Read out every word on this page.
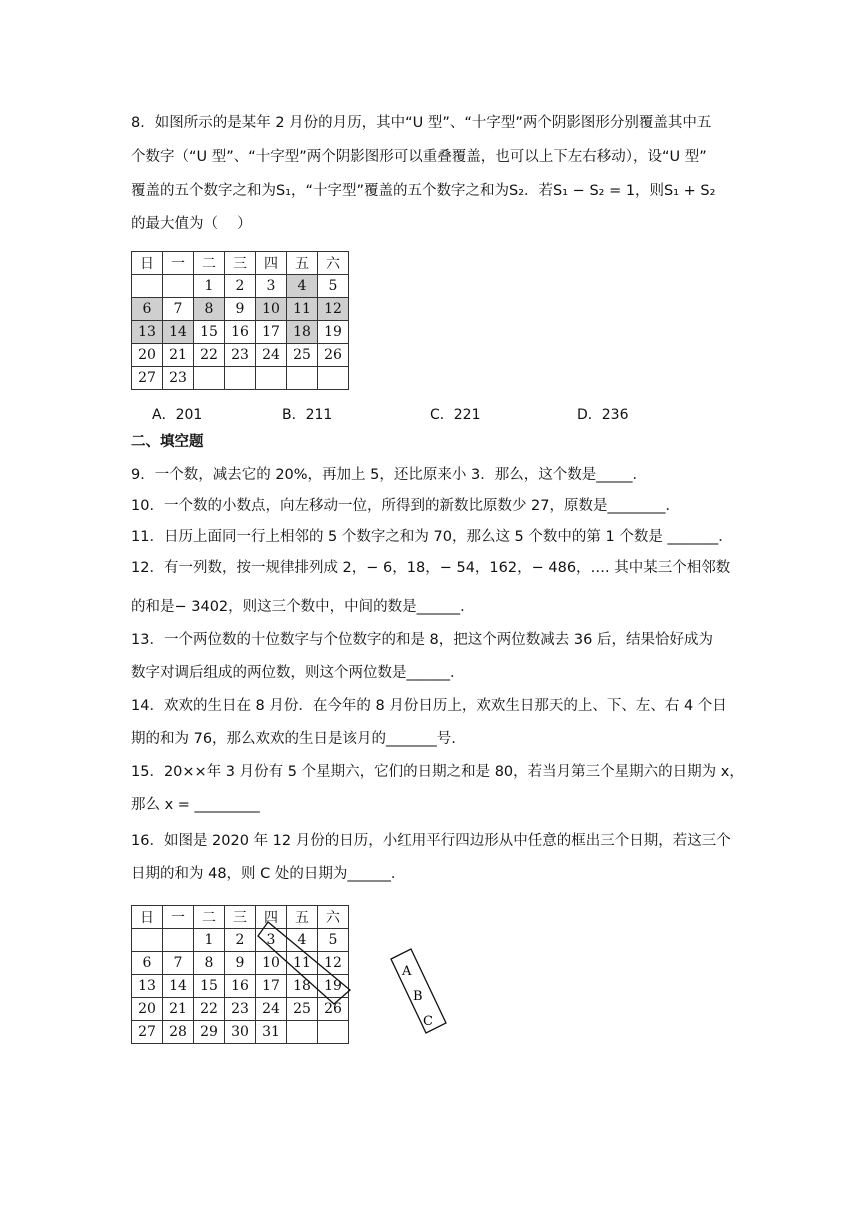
8．如图所示的是某年 2 月份的月历，其中“U 型”、“十字型”两个阴影图形分别覆盖其中五
个数字（“U 型”、“十字型”两个阴影图形可以重叠覆盖，也可以上下左右移动），设“U 型”
覆盖的五个数字之和为S₁，“十字型”覆盖的五个数字之和为S₂．若S₁ − S₂ = 1，则S₁ + S₂
的最大值为（　 ）
日	一	二	三	四	五	六
		1	2	3	4	5
6	7	8	9	10	11	12
13	14	15	16	17	18	19
20	21	22	23	24	25	26
27	23					
A．201	B．211	C．221	D．236
二、填空题
9．一个数，减去它的 20%，再加上 5，还比原来小 3．那么，这个数是_____．
10．一个数的小数点，向左移动一位，所得到的新数比原数少 27，原数是________．
11．日历上面同一行上相邻的 5 个数字之和为 70，那么这 5 个数中的第 1 个数是 _______．
12．有一列数，按一规律排列成 2，− 6，18，− 54，162，− 486，…. 其中某三个相邻数
的和是− 3402，则这三个数中，中间的数是______．
13．一个两位数的十位数字与个位数字的和是 8，把这个两位数减去 36 后，结果恰好成为
数字对调后组成的两位数，则这个两位数是______．
14．欢欢的生日在 8 月份．在今年的 8 月份日历上，欢欢生日那天的上、下、左、右 4 个日
期的和为 76，那么欢欢的生日是该月的_______号.
15．20××年 3 月份有 5 个星期六，它们的日期之和是 80，若当月第三个星期六的日期为 x，
那么 x = _________
16．如图是 2020 年 12 月份的日历，小红用平行四边形从中任意的框出三个日期，若这三个
日期的和为 48，则 C 处的日期为______．
日	一	二	三	四	五	六
		1	2	3	4	5
6	7	8	9	10	11	12
13	14	15	16	17	18	19
20	21	22	23	24	25	26
27	28	29	30	31		
A
B
C
